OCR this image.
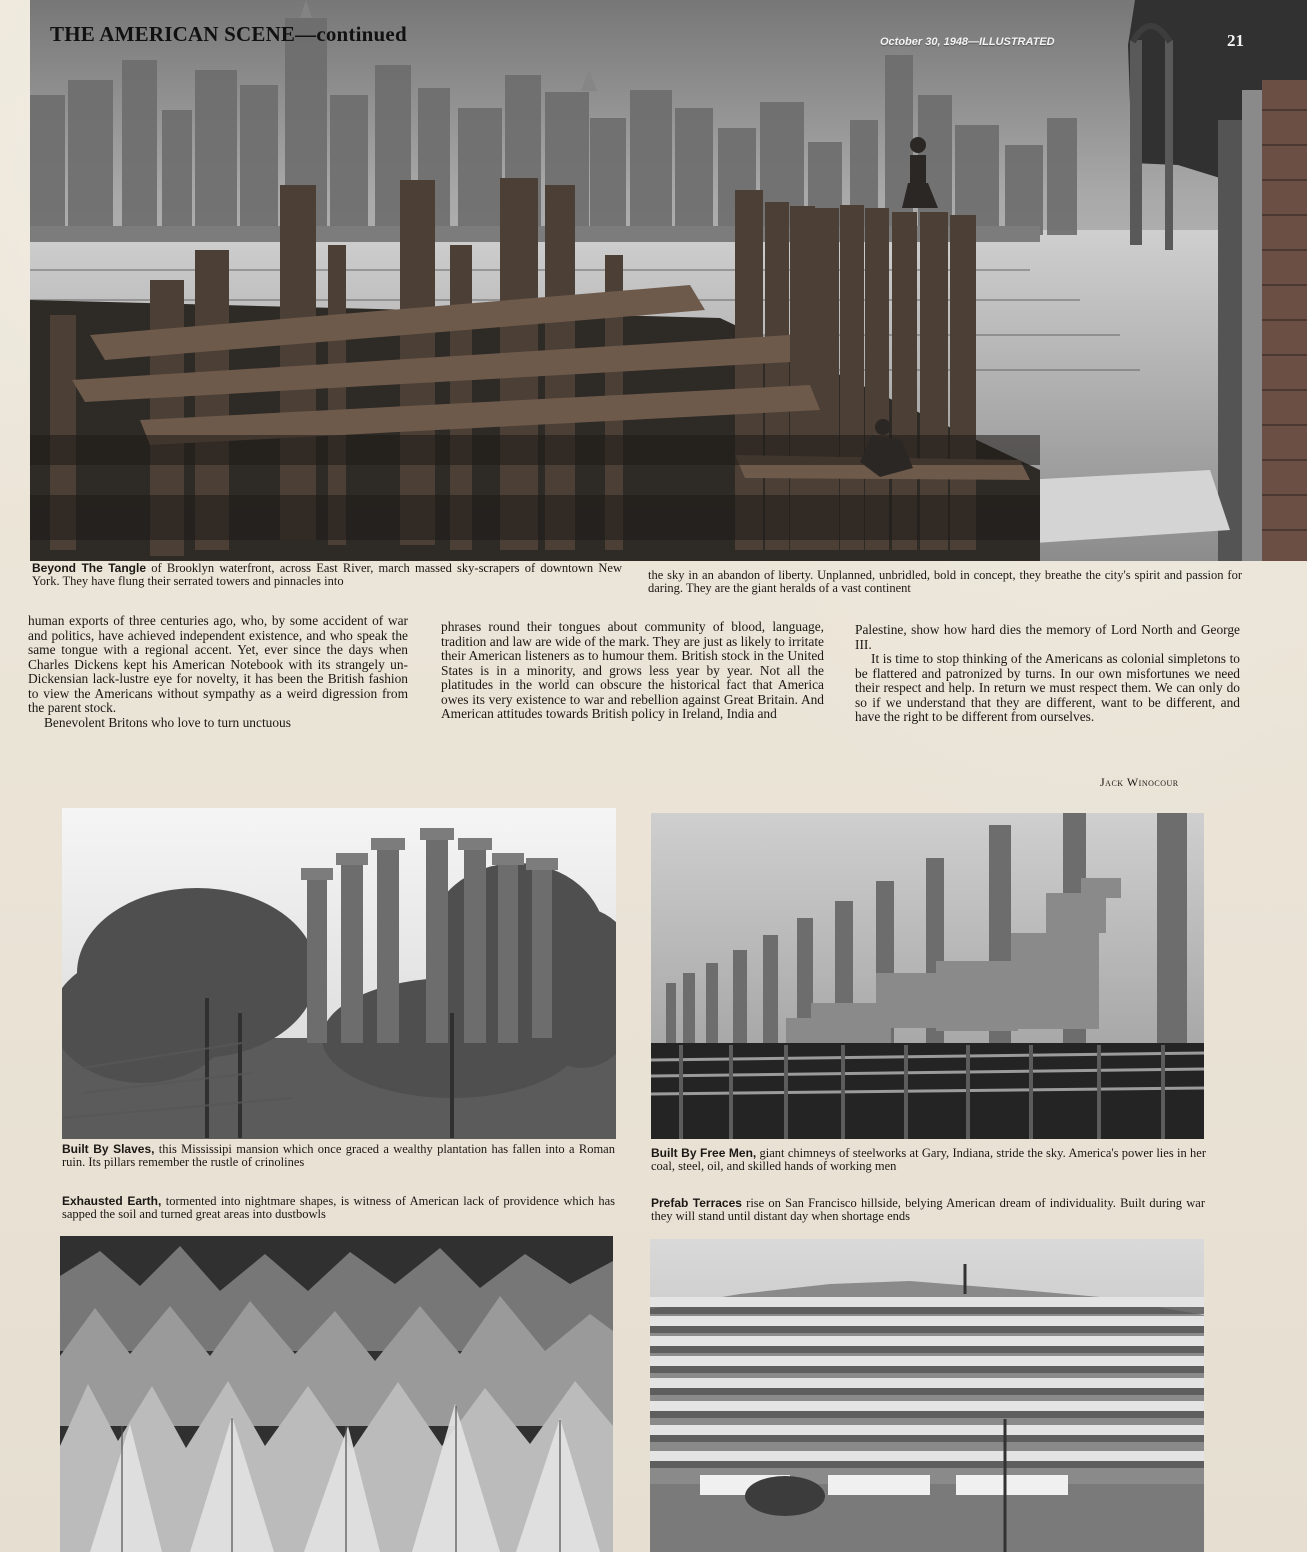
THE AMERICAN SCENE—continued	October 30, 1948—ILLUSTRATED	21
Beyond The Tangle of Brooklyn waterfront, across East River, march massed sky-scrapers of downtown New York. They have flung their serrated towers and pinnacles into	the sky in an abandon of liberty. Unplanned, unbridled, bold in concept, they breathe the city's spirit and passion for daring. They are the giant heralds of a vast continent

human exports of three centuries ago, who, by some accident of war and politics, have achieved independent existence, and who speak the same tongue with a regional accent. Yet, ever since the days when Charles Dickens kept his American Notebook with its strangely un-Dickensian lack-lustre eye for novelty, it has been the British fashion to view the Americans without sympathy as a weird digression from the parent stock.

Benevolent Britons who love to turn unctuous

phrases round their tongues about community of blood, language, tradition and law are wide of the mark. They are just as likely to irritate their American listeners as to humour them. British stock in the United States is in a minority, and grows less year by year. Not all the platitudes in the world can obscure the historical fact that America owes its very existence to war and rebellion against Great Britain. And American attitudes towards British policy in Ireland, India and

Palestine, show how hard dies the memory of Lord North and George III.

It is time to stop thinking of the Americans as colonial simpletons to be flattered and patronized by turns. In our own misfortunes we need their respect and help. In return we must respect them. We can only do so if we understand that they are different, want to be different, and have the right to be different from ourselves.

Jack Winocour
Built By Slaves, this Mississipi mansion which once graced a wealthy plantation has fallen into a Roman ruin. Its pillars remember the rustle of crinolines
Built By Free Men, giant chimneys of steelworks at Gary, Indiana, stride the sky. America's power lies in her coal, steel, oil, and skilled hands of working men
Exhausted Earth, tormented into nightmare shapes, is witness of American lack of providence which has sapped the soil and turned great areas into dustbowls
Prefab Terraces rise on San Francisco hillside, belying American dream of individuality. Built during war they will stand until distant day when shortage ends
